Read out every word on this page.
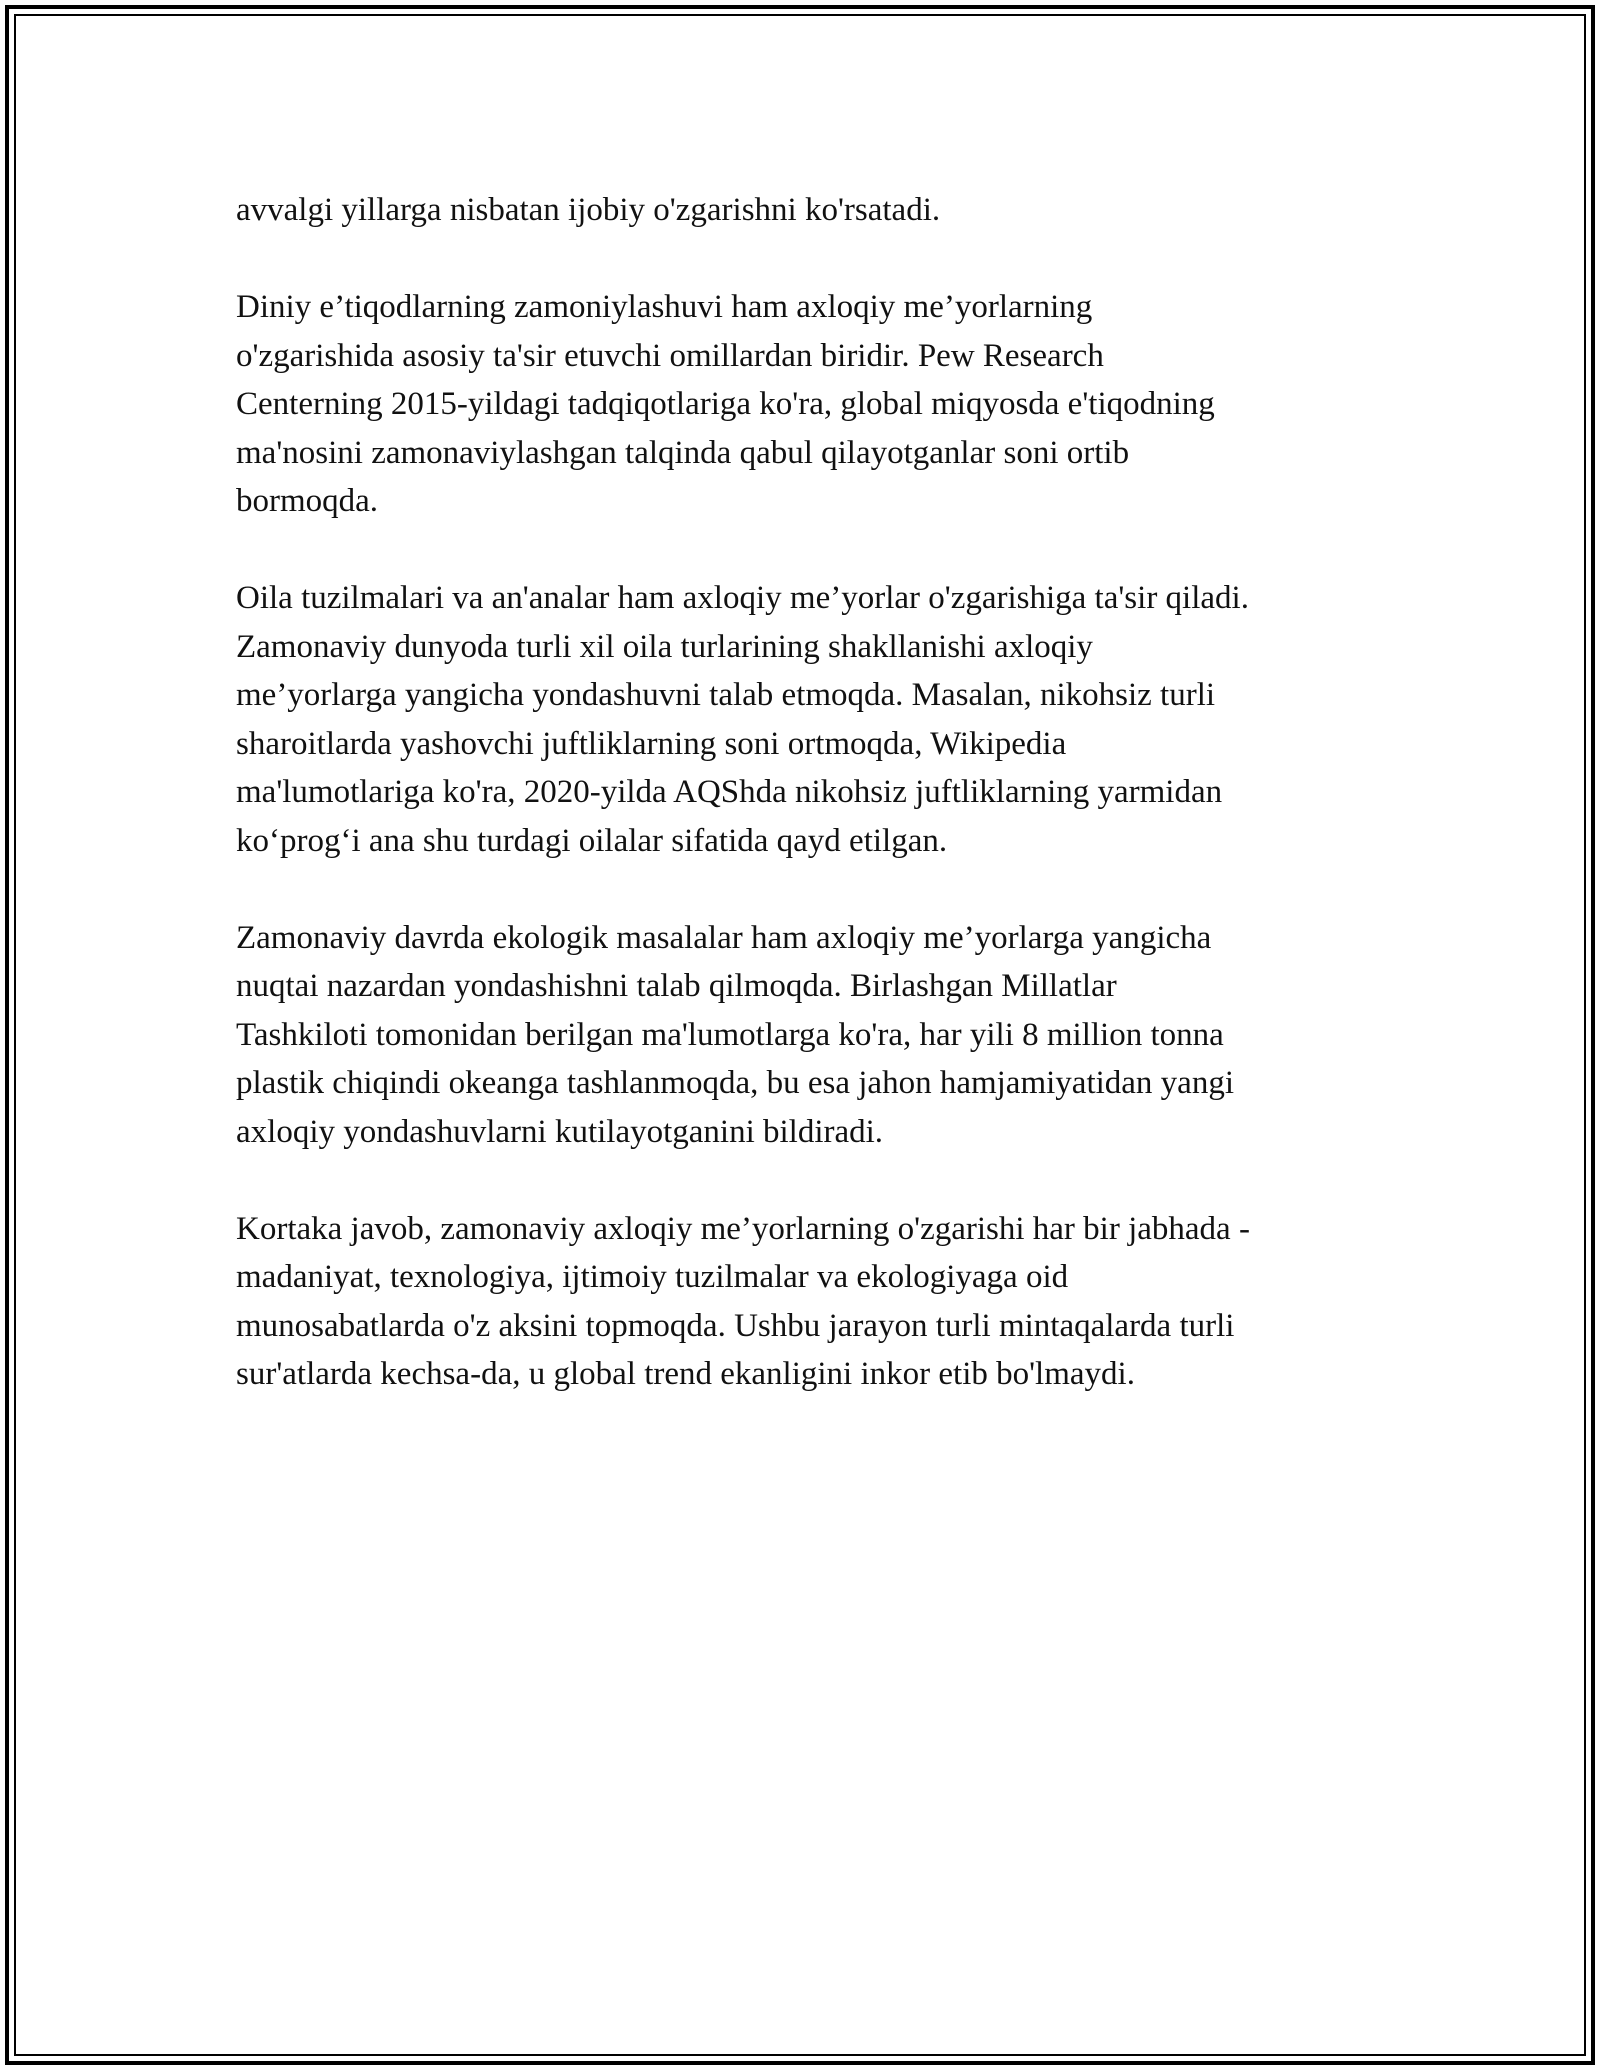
avvalgi yillarga nisbatan ijobiy o'zgarishni ko'rsatadi.
Diniy e’tiqodlarning zamoniylashuvi ham axloqiy me’yorlarning
o'zgarishida asosiy ta'sir etuvchi omillardan biridir. Pew Research
Centerning 2015-yildagi tadqiqotlariga ko'ra, global miqyosda e'tiqodning
ma'nosini zamonaviylashgan talqinda qabul qilayotganlar soni ortib
bormoqda.
Oila tuzilmalari va an'analar ham axloqiy me’yorlar o'zgarishiga ta'sir qiladi.
Zamonaviy dunyoda turli xil oila turlarining shakllanishi axloqiy
me’yorlarga yangicha yondashuvni talab etmoqda. Masalan, nikohsiz turli
sharoitlarda yashovchi juftliklarning soni ortmoqda, Wikipedia
ma'lumotlariga ko'ra, 2020-yilda AQShda nikohsiz juftliklarning yarmidan
ko‘prog‘i ana shu turdagi oilalar sifatida qayd etilgan.
Zamonaviy davrda ekologik masalalar ham axloqiy me’yorlarga yangicha
nuqtai nazardan yondashishni talab qilmoqda. Birlashgan Millatlar
Tashkiloti tomonidan berilgan ma'lumotlarga ko'ra, har yili 8 million tonna
plastik chiqindi okeanga tashlanmoqda, bu esa jahon hamjamiyatidan yangi
axloqiy yondashuvlarni kutilayotganini bildiradi.
Kortaka javob, zamonaviy axloqiy me’yorlarning o'zgarishi har bir jabhada -
madaniyat, texnologiya, ijtimoiy tuzilmalar va ekologiyaga oid
munosabatlarda o'z aksini topmoqda. Ushbu jarayon turli mintaqalarda turli
sur'atlarda kechsa-da, u global trend ekanligini inkor etib bo'lmaydi.
